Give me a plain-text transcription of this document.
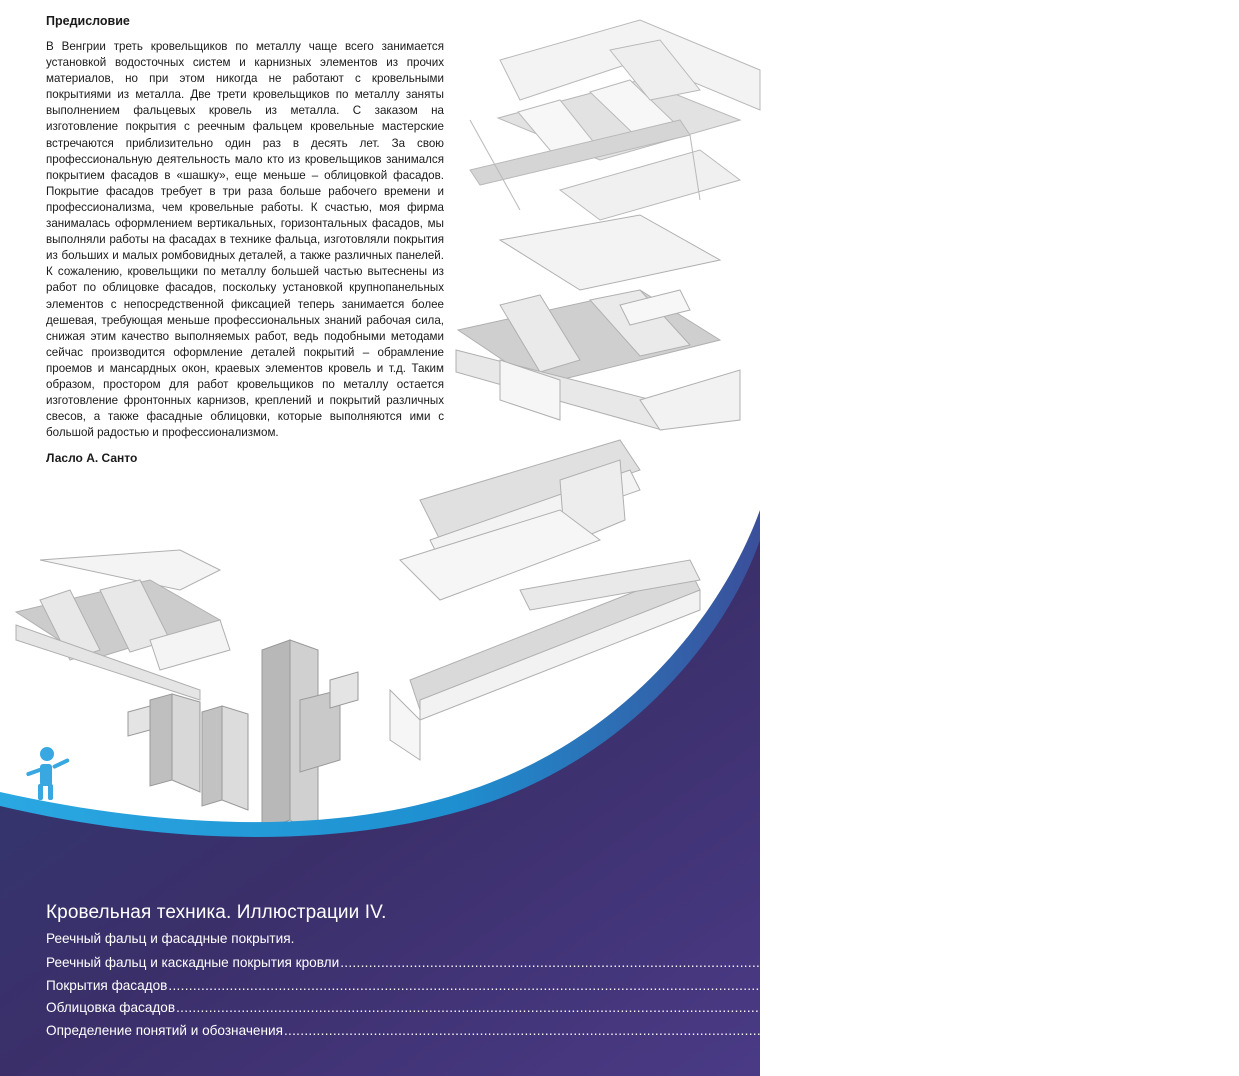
Предисловие

В Венгрии треть кровельщиков по металлу чаще всего занимается установкой водосточных систем и карнизных элементов из прочих материалов, но при этом никогда не работают с кровельными покрытиями из металла. Две трети кровельщиков по металлу заняты выполнением фальцевых кровель из металла. С заказом на изготовление покрытия с реечным фальцем кровельные мастерские встречаются приблизительно один раз в десять лет. За свою профессиональную деятельность мало кто из кровельщиков занимался покрытием фасадов в «шашку», еще меньше – облицовкой фасадов. Покрытие фасадов требует в три раза больше рабочего времени и профессионализма, чем кровельные работы. К счастью, моя фирма занималась оформлением вертикальных, горизонтальных фасадов, мы выполняли работы на фасадах в технике фальца, изготовляли покрытия из больших и малых ромбовидных деталей, а также различных панелей. К сожалению, кровельщики по металлу большей частью вытеснены из работ по облицовке фасадов, поскольку установкой крупнопанельных элементов с непосредственной фиксацией теперь занимается более дешевая, требующая меньше профессиональных знаний рабочая сила, снижая этим качество выполняемых работ, ведь подобными методами сейчас производится оформление деталей покрытий – обрамление проемов и мансардных окон, краевых элементов кровель и т.д. Таким образом, простором для работ кровельщиков по металлу остается изготовление фронтонных карнизов, креплений и покрытий различных свесов, а также фасадные облицовки, которые выполняются ими с большой радостью и профессионализмом.

Ласло А. Санто

Кровельная техника. Иллюстрации IV.
Реечный фальц и фасадные покрытия.
Реечный фальц и каскадные покрытия кровли .................................................................................................................................................................................................................... 7-116
Покрытия фасадов .................................................................................................................................................................................................................... 117-225
Облицовка фасадов .................................................................................................................................................................................................................... 226-287
Определение понятий и обозначения .................................................................................................................................................................................................................... 288-300
